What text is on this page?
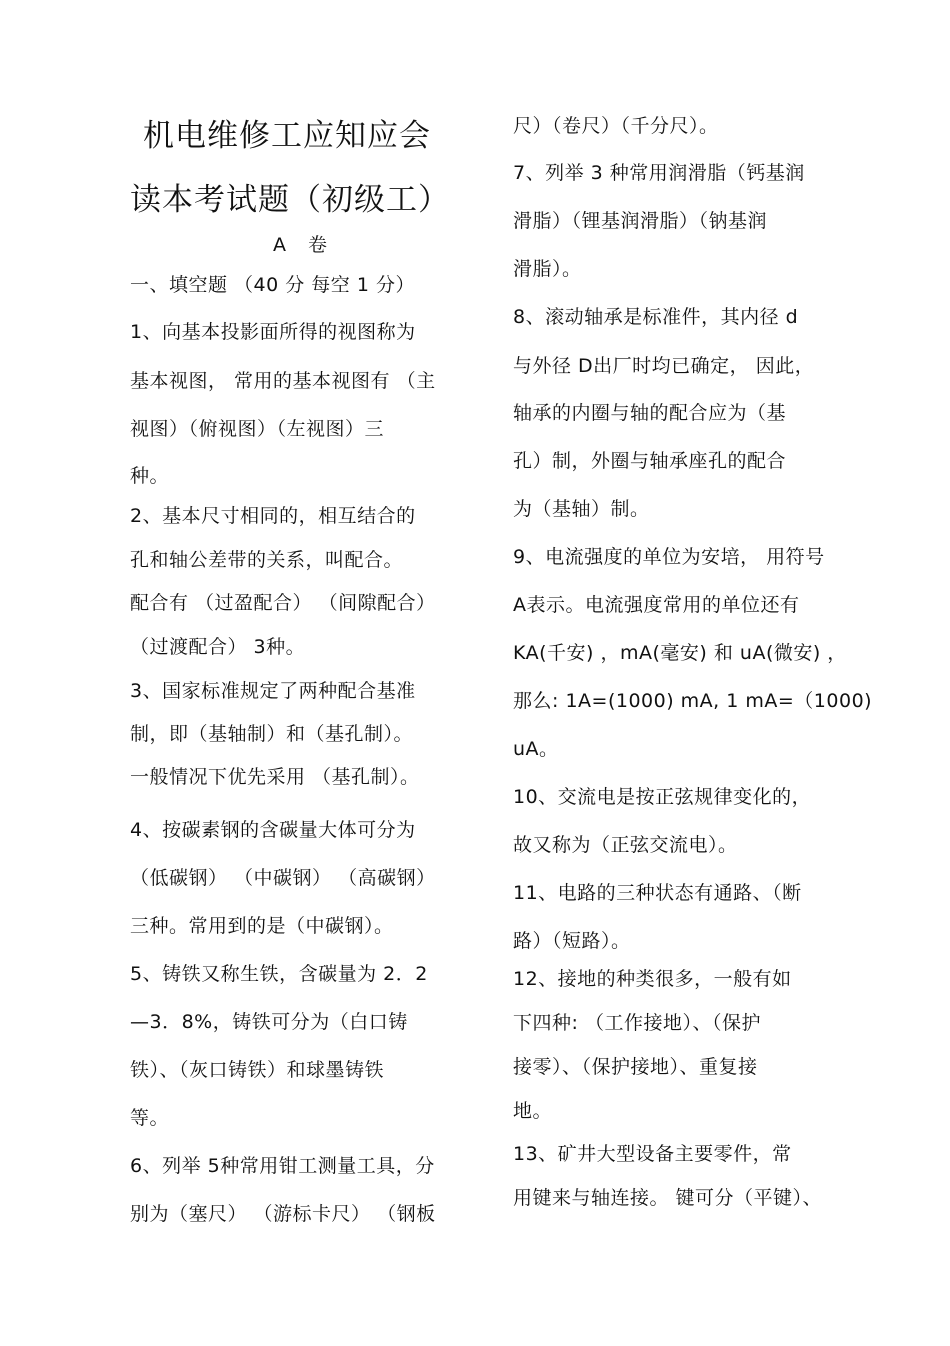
机电维修工应知应会
读本考试题（初级工）
A 卷
一、填空题 （40 分 每空 1 分）
1、向基本投影面所得的视图称为
基本视图， 常用的基本视图有 （主
视图）（俯视图）（左视图）三
种。
2、基本尺寸相同的，相互结合的
孔和轴公差带的关系，叫配合。
配合有 （过盈配合） （间隙配合）
（过渡配合） 3种。
3、国家标准规定了两种配合基准
制，即（基轴制）和（基孔制）。
一般情况下优先采用 （基孔制）。
4、按碳素钢的含碳量大体可分为
（低碳钢） （中碳钢） （高碳钢）
三种。常用到的是（中碳钢）。
5、铸铁又称生铁，含碳量为 2．2
—3．8%，铸铁可分为（白口铸
铁）、（灰口铸铁）和球墨铸铁
等。
6、列举 5种常用钳工测量工具，分
别为（塞尺） （游标卡尺） （钢板
尺）（卷尺）（千分尺）。
7、列举 3 种常用润滑脂（钙基润
滑脂）（锂基润滑脂）（钠基润
滑脂）。
8、滚动轴承是标准件，其内径 d
与外径 D出厂时均已确定， 因此，
轴承的内圈与轴的配合应为（基
孔）制，外圈与轴承座孔的配合
为（基轴）制。
9、电流强度的单位为安培， 用符号
A表示。电流强度常用的单位还有
KA(千安) ，mA(毫安) 和 uA(微安) ，
那么: 1A=(1000) mA, 1 mA=（1000)
uA。
10、交流电是按正弦规律变化的，
故又称为（正弦交流电）。
11、电路的三种状态有通路、（断
路）（短路）。
12、接地的种类很多，一般有如
下四种: （工作接地）、（保护
接零）、（保护接地）、重复接
地。
13、矿井大型设备主要零件，常
用键来与轴连接。 键可分（平键）、
